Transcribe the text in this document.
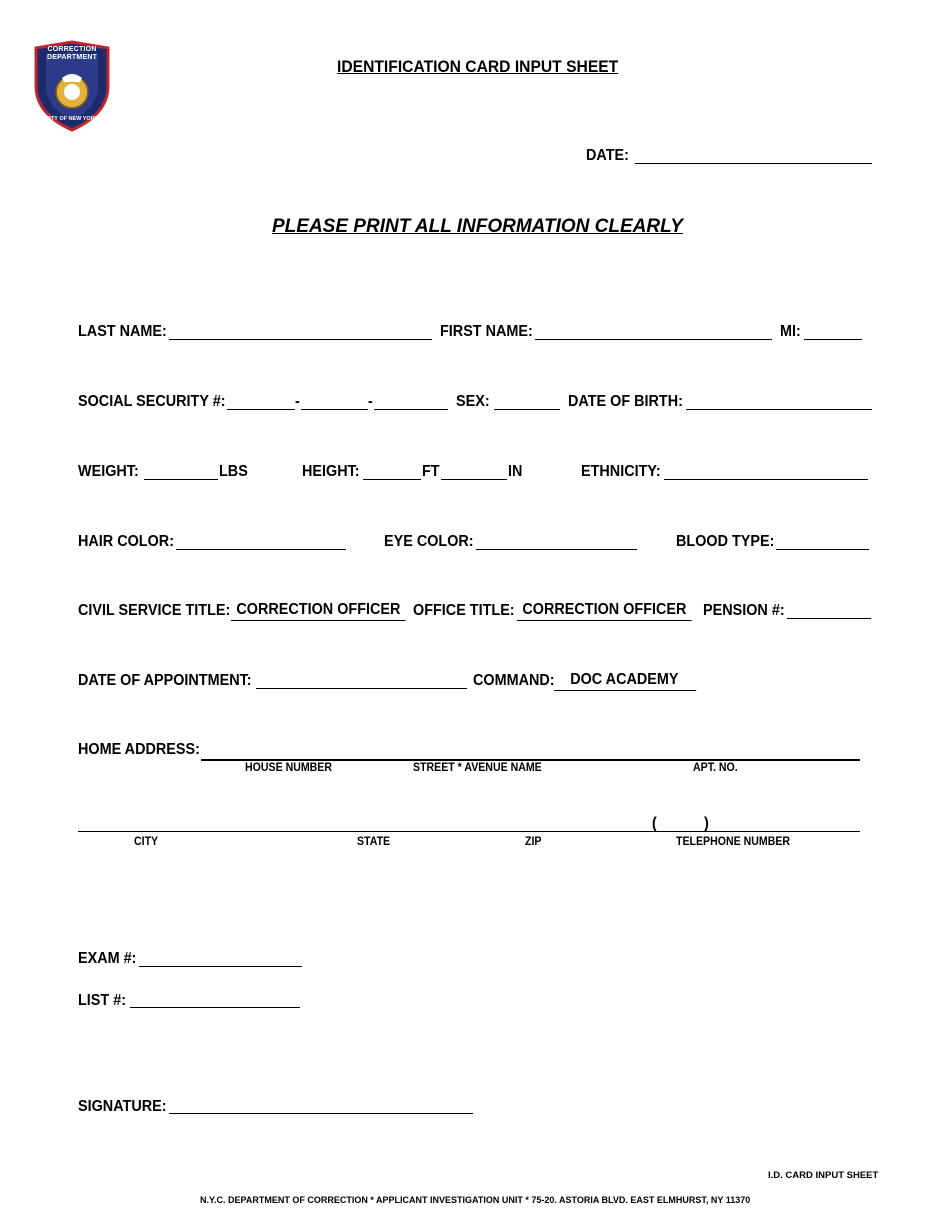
CORRECTION DEPARTMENT
CITY OF NEW YORK
IDENTIFICATION CARD INPUT SHEET
DATE:
PLEASE PRINT ALL INFORMATION CLEARLY
LAST NAME:	FIRST NAME:	MI:
SOCIAL SECURITY #:	-	-	SEX:	DATE OF BIRTH:
WEIGHT:	LBS	HEIGHT:	FT	IN	ETHNICITY:
HAIR COLOR:	EYE COLOR:	BLOOD TYPE:
CIVIL SERVICE TITLE: CORRECTION OFFICER OFFICE TITLE: CORRECTION OFFICER	PENSION #:
DATE OF APPOINTMENT:	COMMAND: DOC ACADEMY
HOME ADDRESS:
HOUSE NUMBER	STREET * AVENUE NAME	APT. NO.
(	)
CITY	STATE	ZIP	TELEPHONE NUMBER
EXAM #:
LIST #:
SIGNATURE:
I.D. CARD INPUT SHEET
N.Y.C. DEPARTMENT OF CORRECTION * APPLICANT INVESTIGATION UNIT * 75-20. ASTORIA BLVD. EAST ELMHURST, NY 11370
